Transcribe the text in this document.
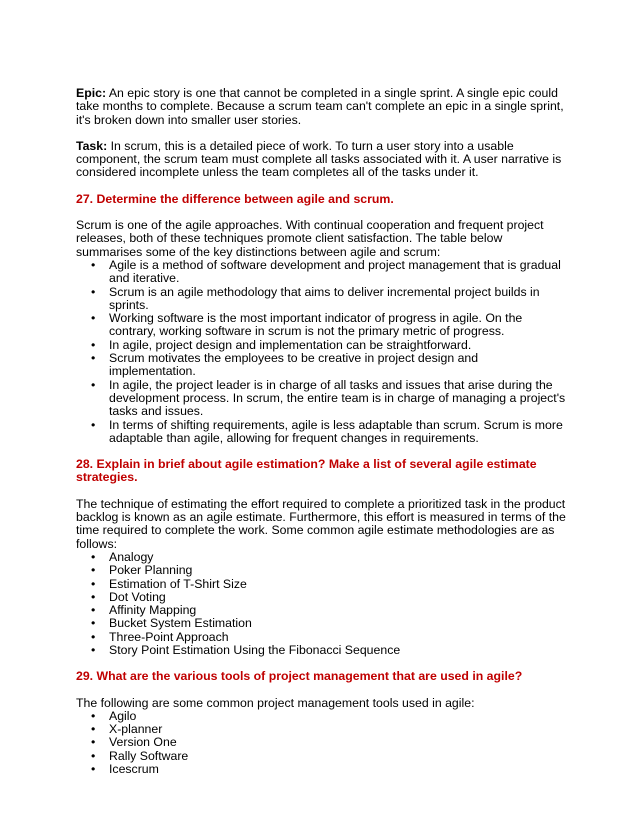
Epic: An epic story is one that cannot be completed in a single sprint. A single epic could take months to complete. Because a scrum team can't complete an epic in a single sprint, it's broken down into smaller user stories.

Task: In scrum, this is a detailed piece of work. To turn a user story into a usable component, the scrum team must complete all tasks associated with it. A user narrative is considered incomplete unless the team completes all of the tasks under it.

27. Determine the difference between agile and scrum.

Scrum is one of the agile approaches. With continual cooperation and frequent project releases, both of these techniques promote client satisfaction. The table below summarises some of the key distinctions between agile and scrum:

• Agile is a method of software development and project management that is gradual and iterative.
• Scrum is an agile methodology that aims to deliver incremental project builds in sprints.
• Working software is the most important indicator of progress in agile. On the contrary, working software in scrum is not the primary metric of progress.
• In agile, project design and implementation can be straightforward.
• Scrum motivates the employees to be creative in project design and implementation.
• In agile, the project leader is in charge of all tasks and issues that arise during the development process. In scrum, the entire team is in charge of managing a project's tasks and issues.
• In terms of shifting requirements, agile is less adaptable than scrum. Scrum is more adaptable than agile, allowing for frequent changes in requirements.

28. Explain in brief about agile estimation? Make a list of several agile estimate strategies.

The technique of estimating the effort required to complete a prioritized task in the product backlog is known as an agile estimate. Furthermore, this effort is measured in terms of the time required to complete the work. Some common agile estimate methodologies are as follows:

• Analogy
• Poker Planning
• Estimation of T-Shirt Size
• Dot Voting
• Affinity Mapping
• Bucket System Estimation
• Three-Point Approach
• Story Point Estimation Using the Fibonacci Sequence

29. What are the various tools of project management that are used in agile?

The following are some common project management tools used in agile:

• Agilo
• X-planner
• Version One
• Rally Software
• Icescrum
